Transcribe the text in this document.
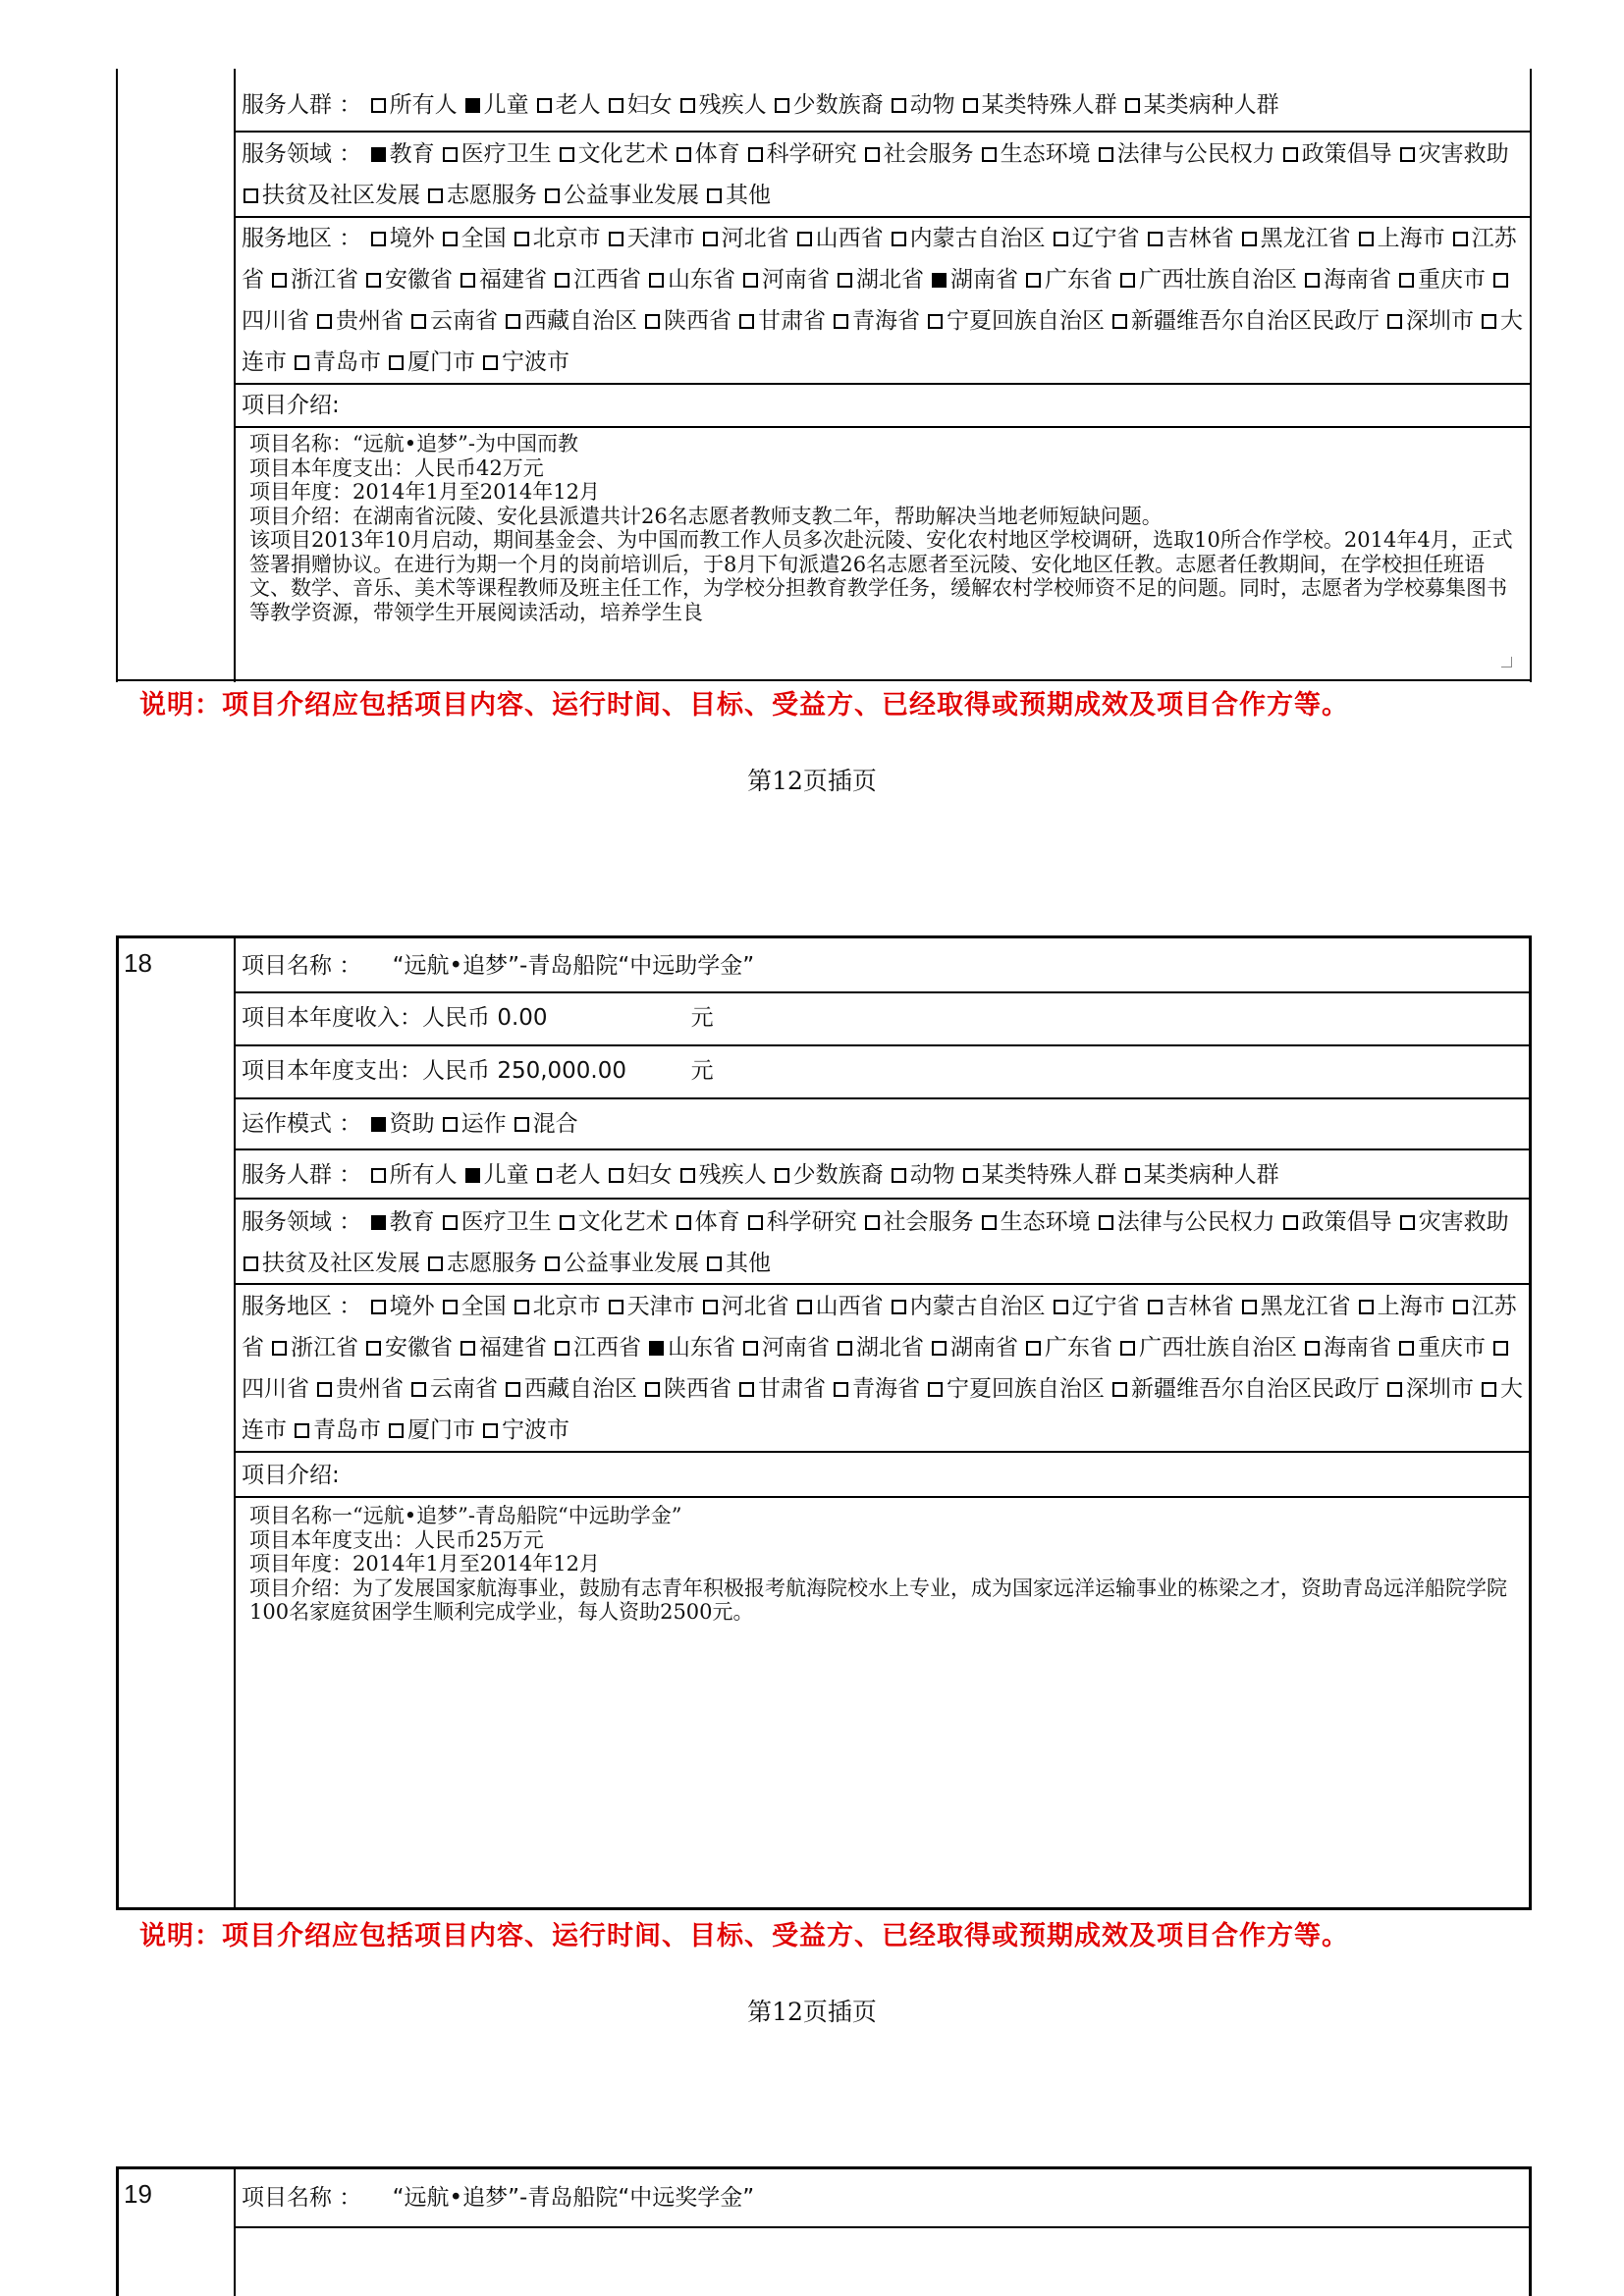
服务人群 ： 所有人 儿童 老人 妇女 残疾人 少数族裔 动物 某类特殊人群 某类病种人群
服务领域 ： 教育 医疗卫生 文化艺术 体育 科学研究 社会服务 生态环境 法律与公民权力 政策倡导 灾害救助扶贫及社区发展 志愿服务 公益事业发展 其他
服务地区 ： 境外 全国 北京市 天津市 河北省 山西省 内蒙古自治区 辽宁省 吉林省 黑龙江省 上海市 江苏省 浙江省 安徽省 福建省 江西省 山东省 河南省 湖北省 湖南省 广东省 广西壮族自治区 海南省 重庆市四川省 贵州省 云南省 西藏自治区 陕西省 甘肃省 青海省 宁夏回族自治区 新疆维吾尔自治区民政厅 深圳市 大连市 青岛市 厦门市 宁波市
项目介绍:

项目名称：“远航•追梦”-为中国而教

项目本年度支出：人民币42万元

项目年度：2014年1月至2014年12月

项目介绍：在湖南省沅陵、安化县派遣共计26名志愿者教师支教二年，帮助解决当地老师短缺问题。

该项目2013年10月启动，期间基金会、为中国而教工作人员多次赴沅陵、安化农村地区学校调研，选取10所合作学校。2014年4月，正式签署捐赠协议。在进行为期一个月的岗前培训后，于8月下旬派遣26名志愿者至沅陵、安化地区任教。志愿者任教期间，在学校担任班语文、数学、音乐、美术等课程教师及班主任工作，为学校分担教育教学任务，缓解农村学校师资不足的问题。同时，志愿者为学校募集图书等教学资源，带领学生开展阅读活动，培养学生良

说明：项目介绍应包括项目内容、运行时间、目标、受益方、已经取得或预期成效及项目合作方等。
第12页插页
18	项目名称 ： “远航•追梦”-青岛船院“中远助学金”
项目本年度收入：人民币 0.00	元
项目本年度支出：人民币 250,000.00	元
运作模式 ： 资助 运作 混合
服务人群 ： 所有人 儿童 老人 妇女 残疾人 少数族裔 动物 某类特殊人群 某类病种人群
服务领域 ： 教育 医疗卫生 文化艺术 体育 科学研究 社会服务 生态环境 法律与公民权力 政策倡导 灾害救助扶贫及社区发展 志愿服务 公益事业发展 其他
服务地区 ： 境外 全国 北京市 天津市 河北省 山西省 内蒙古自治区 辽宁省 吉林省 黑龙江省 上海市 江苏省 浙江省 安徽省 福建省 江西省 山东省 河南省 湖北省 湖南省 广东省 广西壮族自治区 海南省 重庆市四川省 贵州省 云南省 西藏自治区 陕西省 甘肃省 青海省 宁夏回族自治区 新疆维吾尔自治区民政厅 深圳市 大连市 青岛市 厦门市 宁波市
项目介绍:

项目名称一“远航•追梦”-青岛船院“中远助学金”

项目本年度支出：人民币25万元

项目年度：2014年1月至2014年12月

项目介绍：为了发展国家航海事业，鼓励有志青年积极报考航海院校水上专业，成为国家远洋运输事业的栋梁之才，资助青岛远洋船院学院100名家庭贫困学生顺利完成学业，每人资助2500元。

说明：项目介绍应包括项目内容、运行时间、目标、受益方、已经取得或预期成效及项目合作方等。
第12页插页
19	项目名称 ： “远航•追梦”-青岛船院“中远奖学金”
